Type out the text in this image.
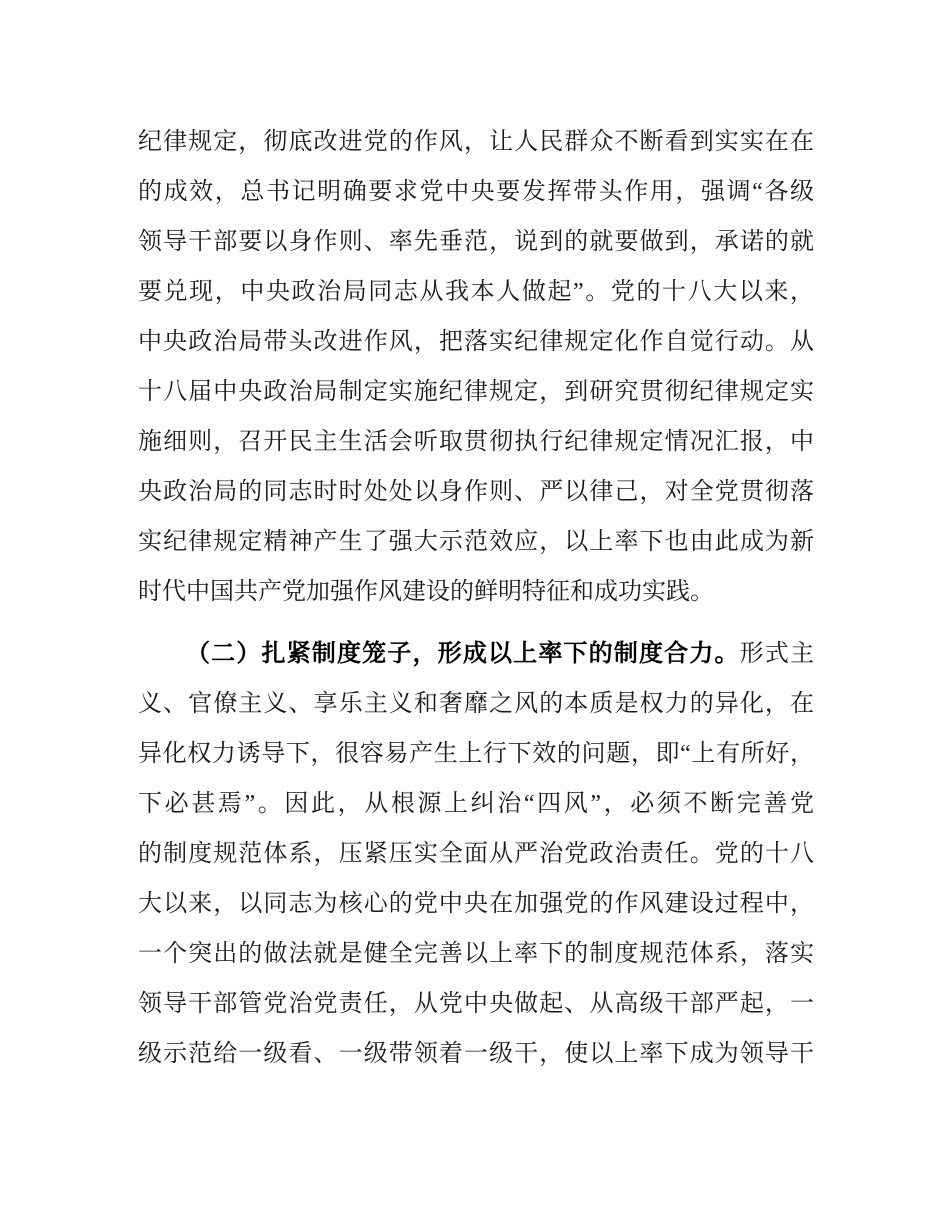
纪律规定，彻底改进党的作风，让人民群众不断看到实实在在
的成效，总书记明确要求党中央要发挥带头作用，强调“各级
领导干部要以身作则、率先垂范，说到的就要做到，承诺的就
要兑现，中央政治局同志从我本人做起”。党的十八大以来，
中央政治局带头改进作风，把落实纪律规定化作自觉行动。从
十八届中央政治局制定实施纪律规定，到研究贯彻纪律规定实
施细则，召开民主生活会听取贯彻执行纪律规定情况汇报，中
央政治局的同志时时处处以身作则、严以律己，对全党贯彻落
实纪律规定精神产生了强大示范效应，以上率下也由此成为新
时代中国共产党加强作风建设的鲜明特征和成功实践。
（二）扎紧制度笼子，形成以上率下的制度合力。形式主
义、官僚主义、享乐主义和奢靡之风的本质是权力的异化，在
异化权力诱导下，很容易产生上行下效的问题，即“上有所好，
下必甚焉”。因此，从根源上纠治“四风”，必须不断完善党
的制度规范体系，压紧压实全面从严治党政治责任。党的十八
大以来，以同志为核心的党中央在加强党的作风建设过程中，
一个突出的做法就是健全完善以上率下的制度规范体系，落实
领导干部管党治党责任，从党中央做起、从高级干部严起，一
级示范给一级看、一级带领着一级干，使以上率下成为领导干
